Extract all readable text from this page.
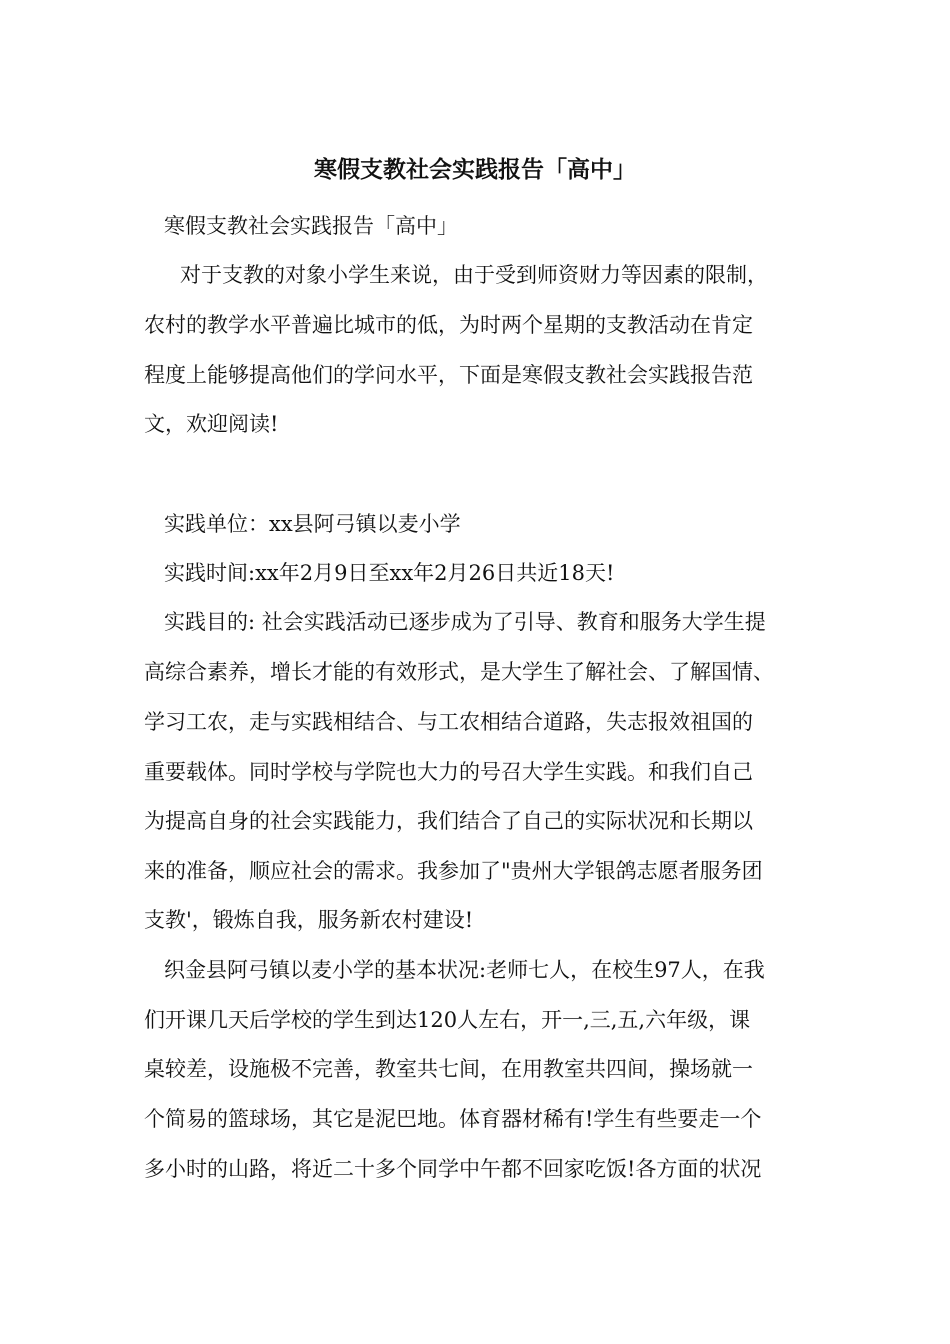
寒假支教社会实践报告「高中」

寒假支教社会实践报告「高中」

对于支教的对象小学生来说，由于受到师资财力等因素的限制，

农村的教学水平普遍比城市的低，为时两个星期的支教活动在肯定

程度上能够提高他们的学问水平，下面是寒假支教社会实践报告范

文，欢迎阅读!

实践单位：xx县阿弓镇以麦小学

实践时间:xx年2月9日至xx年2月26日共近18天!

实践目的: 社会实践活动已逐步成为了引导、教育和服务大学生提

高综合素养，增长才能的有效形式，是大学生了解社会、了解国情、

学习工农，走与实践相结合、与工农相结合道路，失志报效祖国的

重要载体。同时学校与学院也大力的号召大学生实践。和我们自己

为提高自身的社会实践能力，我们结合了自己的实际状况和长期以

来的准备，顺应社会的需求。我参加了"贵州大学银鸽志愿者服务团

支教'，锻炼自我，服务新农村建设!

织金县阿弓镇以麦小学的基本状况:老师七人，在校生97人，在我

们开课几天后学校的学生到达120人左右，开一,三,五,六年级，课

桌较差，设施极不完善，教室共七间，在用教室共四间，操场就一

个简易的篮球场，其它是泥巴地。体育器材稀有!学生有些要走一个

多小时的山路，将近二十多个同学中午都不回家吃饭!各方面的状况
